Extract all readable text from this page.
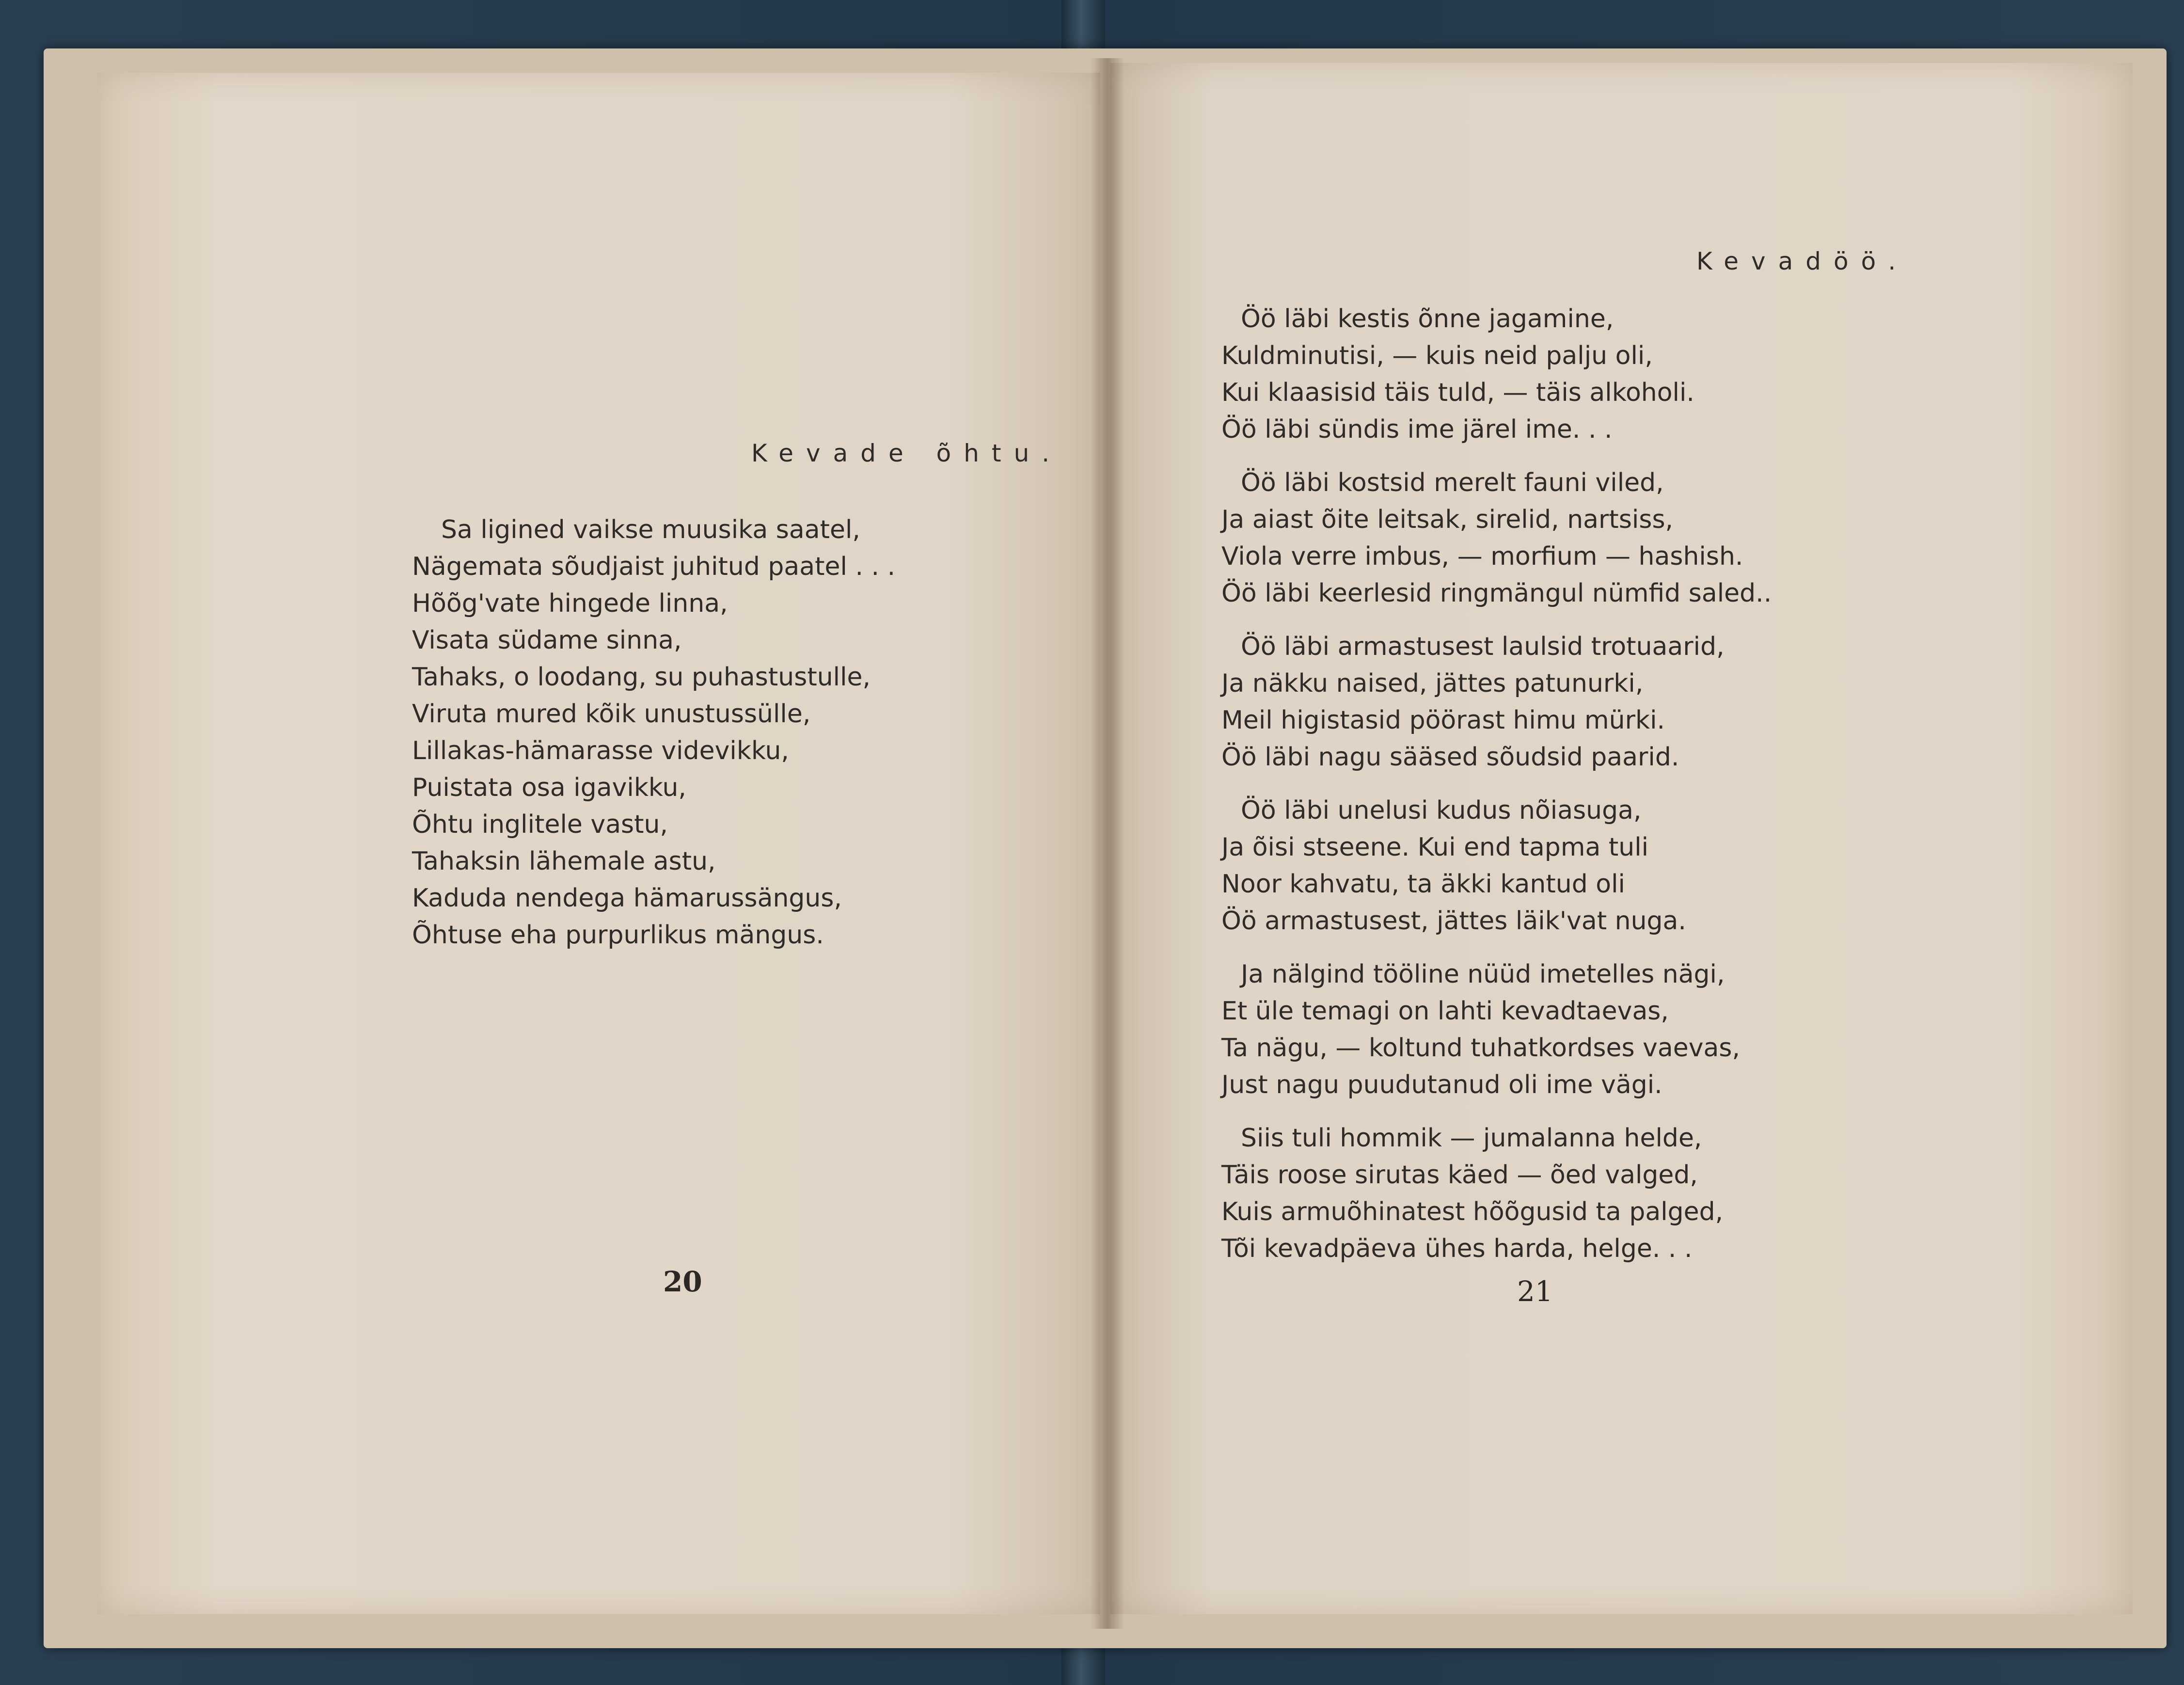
Kevade õhtu.
Sa ligined vaikse muusika saatel,
Nägemata sõudjaist juhitud paatel . . .
Hõõg'vate hingede linna,
Visata südame sinna,
Tahaks, o loodang, su puhastustulle,
Viruta mured kõik unustussülle,
Lillakas-hämarasse videvikku,
Puistata osa igavikku,
Õhtu inglitele vastu,
Tahaksin lähemale astu,
Kaduda nendega hämarussängus,
Õhtuse eha purpurlikus mängus.

20

Kevadöö.
Öö läbi kestis õnne jagamine,
Kuldminutisi, — kuis neid palju oli,
Kui klaasisid täis tuld, — täis alkoholi.
Öö läbi sündis ime järel ime. . .
Öö läbi kostsid merelt fauni viled,
Ja aiast õite leitsak, sirelid, nartsiss,
Viola verre imbus, — morfium — hashish.
Öö läbi keerlesid ringmängul nümfid saled..
Öö läbi armastusest laulsid trotuaarid,
Ja näkku naised, jättes patunurki,
Meil higistasid pöörast himu mürki.
Öö läbi nagu sääsed sõudsid paarid.
Öö läbi unelusi kudus nõiasuga,
Ja õisi stseene. Kui end tapma tuli
Noor kahvatu, ta äkki kantud oli
Öö armastusest, jättes läik'vat nuga.
Ja nälgind tööline nüüd imetelles nägi,
Et üle temagi on lahti kevadtaevas,
Ta nägu, — koltund tuhatkordses vaevas,
Just nagu puudutanud oli ime vägi.
Siis tuli hommik — jumalanna helde,
Täis roose sirutas käed — õed valged,
Kuis armuõhinatest hõõgusid ta palged,
Tõi kevadpäeva ühes harda, helge. . .

21
